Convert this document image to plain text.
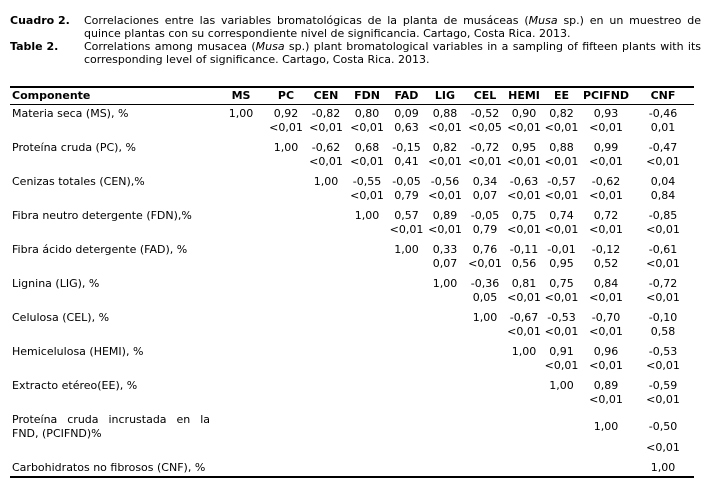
Cuadro 2.	Correlaciones entre las variables bromatológicas de la planta de musáceas (Musa sp.) en un muestreo de quince plantas con su correspondiente nivel de significancia. Cartago, Costa Rica. 2013.
Table 2.	Correlations among musacea (Musa sp.) plant bromatological variables in a sampling of fifteen plants with its corresponding level of significance. Cartago, Costa Rica. 2013.
Componente	MS	PC	CEN	FDN	FAD	LIG	CEL	HEMI	EE	PCIFND	CNF

Materia seca (MS), %	1,00	0,92	-0,82	0,80	0,09	0,88	-0,52	0,90	0,82	0,93	-0,46
		<0,01	<0,01	<0,01	0,63	<0,01	<0,05	<0,01	<0,01	<0,01	0,01

Proteína cruda (PC), %		1,00	-0,62	0,68	-0,15	0,82	-0,72	0,95	0,88	0,99	-0,47
			<0,01	<0,01	0,41	<0,01	<0,01	<0,01	<0,01	<0,01	<0,01

Cenizas totales (CEN),%			1,00	-0,55	-0,05	-0,56	0,34	-0,63	-0,57	-0,62	0,04
				<0,01	0,79	<0,01	0,07	<0,01	<0,01	<0,01	0,84

Fibra neutro detergente (FDN),%				1,00	0,57	0,89	-0,05	0,75	0,74	0,72	-0,85
					<0,01	<0,01	0,79	<0,01	<0,01	<0,01	<0,01

Fibra ácido detergente (FAD), %					1,00	0,33	0,76	-0,11	-0,01	-0,12	-0,61
						0,07	<0,01	0,56	0,95	0,52	<0,01

Lignina (LIG), %						1,00	-0,36	0,81	0,75	0,84	-0,72
							0,05	<0,01	<0,01	<0,01	<0,01

Celulosa (CEL), %							1,00	-0,67	-0,53	-0,70	-0,10
								<0,01	<0,01	<0,01	0,58

Hemicelulosa (HEMI), %								1,00	0,91	0,96	-0,53
									<0,01	<0,01	<0,01

Extracto etéreo(EE), %									1,00	0,89	-0,59
										<0,01	<0,01

Proteína cruda incrustada en la FND, (PCIFND)%										1,00	-0,50
											<0,01

Carbohidratos no fibrosos (CNF), %											1,00
